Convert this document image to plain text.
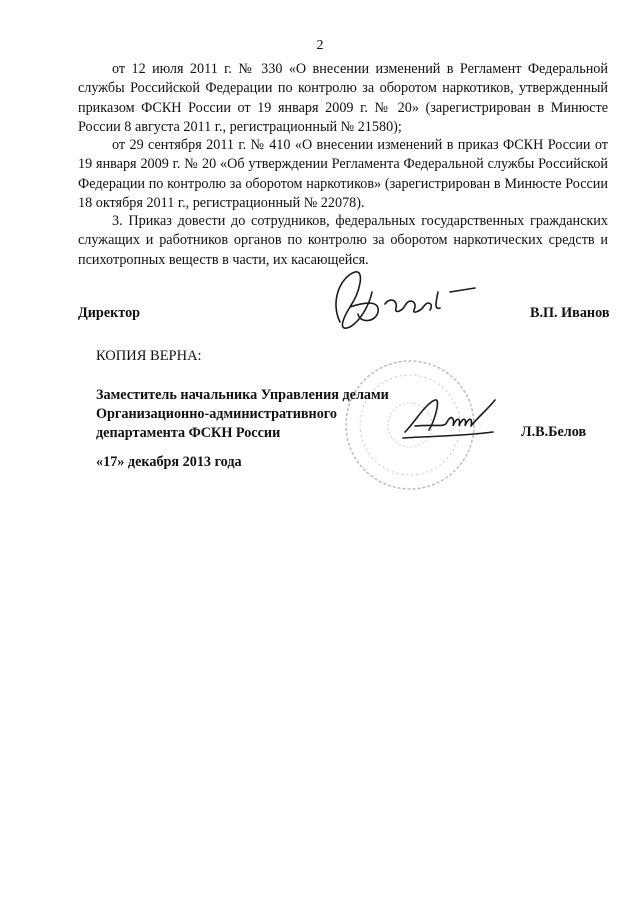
2
от 12 июля 2011 г. № 330 «О внесении изменений в Регламент Федеральной службы Российской Федерации по контролю за оборотом наркотиков, утвержденный приказом ФСКН России от 19 января 2009 г. № 20» (зарегистрирован в Минюсте России 8 августа 2011 г., регистрационный № 21580);
от 29 сентября 2011 г. № 410 «О внесении изменений в приказ ФСКН России от 19 января 2009 г. № 20 «Об утверждении Регламента Федеральной службы Российской Федерации по контролю за оборотом наркотиков» (зарегистрирован в Минюсте России 18 октября 2011 г., регистрационный № 22078).
3. Приказ довести до сотрудников, федеральных государственных гражданских служащих и работников органов по контролю за оборотом наркотических средств и психотропных веществ в части, их касающейся.
Директор	В.П. Иванов
КОПИЯ ВЕРНА:
Заместитель начальника Управления делами
Организационно-административного
департамента ФСКН России	Л.В.Белов
«17» декабря 2013 года
